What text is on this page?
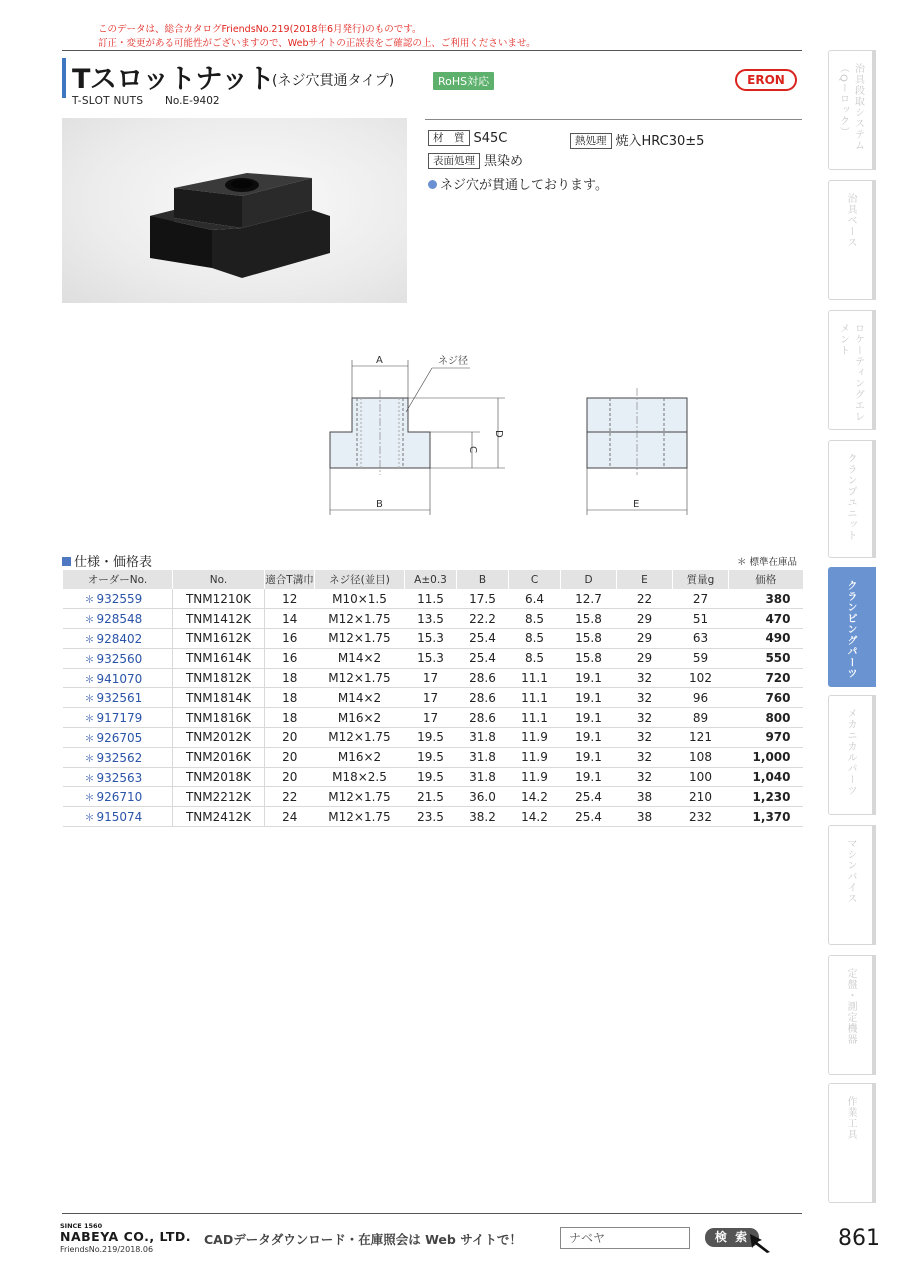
このデータは、総合カタログFriendsNo.219(2018年6月発行)のものです。
訂正・変更がある可能性がございますので、Webサイトの正誤表をご確認の上、ご利用くださいませ。
Tスロットナット
(ネジ穴貫通タイプ)	RoHS対応
T-SLOT NUTS No.E-9402
ERON
材　質 S45C	熱処理 焼入HRC30±5
表面処理 黒染め
ネジ穴が貫通しております。
A	ネジ径
D
C
B	E
仕様・価格表	＊ 標準在庫品
オーダーNo.	No.	適合T溝巾	ネジ径(並目)	A±0.3	B	C	D	E	質量g	価格
＊ 932559	TNM1210K	12	M10×1.5	11.5	17.5	6.4	12.7	22	27	380
＊ 928548	TNM1412K	14	M12×1.75	13.5	22.2	8.5	15.8	29	51	470
＊ 928402	TNM1612K	16	M12×1.75	15.3	25.4	8.5	15.8	29	63	490
＊ 932560	TNM1614K	16	M14×2	15.3	25.4	8.5	15.8	29	59	550
＊ 941070	TNM1812K	18	M12×1.75	17	28.6	11.1	19.1	32	102	720
＊ 932561	TNM1814K	18	M14×2	17	28.6	11.1	19.1	32	96	760
＊ 917179	TNM1816K	18	M16×2	17	28.6	11.1	19.1	32	89	800
＊ 926705	TNM2012K	20	M12×1.75	19.5	31.8	11.9	19.1	32	121	970
＊ 932562	TNM2016K	20	M16×2	19.5	31.8	11.9	19.1	32	108	1,000
＊ 932563	TNM2018K	20	M18×2.5	19.5	31.8	11.9	19.1	32	100	1,040
＊ 926710	TNM2212K	22	M12×1.75	21.5	36.0	14.2	25.4	38	210	1,230
＊ 915074	TNM2412K	24	M12×1.75	23.5	38.2	14.2	25.4	38	232	1,370
治具段取システム（Qーロック）
治具ベース
ロケーティングエレメント
クランプユニット
クランピングパーツ
メカニカルパーツ
マシンバイス
定盤・測定機器
作業工具
SINCE 1560
NABEYA CO., LTD.
FriendsNo.219/2018.06
CADデータダウンロード・在庫照会は Web サイトで！	ナベヤ	検 索	861
